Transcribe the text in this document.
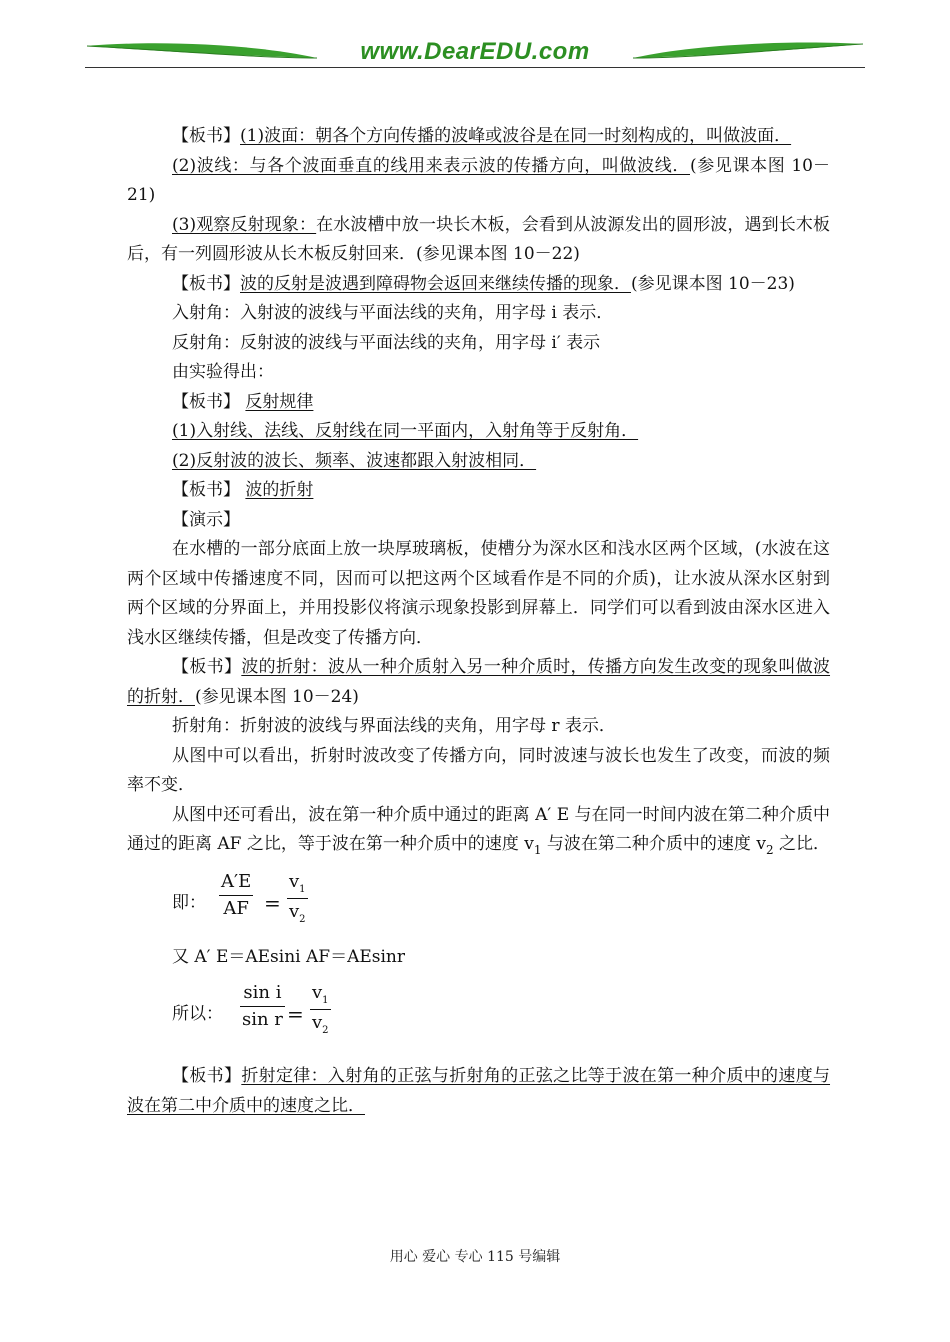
www.DearEDU.com

【板书】(1)波面：朝各个方向传播的波峰或波谷是在同一时刻构成的，叫做波面．

(2)波线：与各个波面垂直的线用来表示波的传播方向，叫做波线．(参见课本图 10－21)

(3)观察反射现象：在水波槽中放一块长木板，会看到从波源发出的圆形波，遇到长木板后，有一列圆形波从长木板反射回来．(参见课本图 10－22)

【板书】波的反射是波遇到障碍物会返回来继续传播的现象．(参见课本图 10－23)

入射角：入射波的波线与平面法线的夹角，用字母 i 表示．

反射角：反射波的波线与平面法线的夹角，用字母 i′ 表示

由实验得出：

【板书】 反射规律

(1)入射线、法线、反射线在同一平面内，入射角等于反射角．

(2)反射波的波长、频率、波速都跟入射波相同．

【板书】 波的折射

【演示】

在水槽的一部分底面上放一块厚玻璃板，使槽分为深水区和浅水区两个区域，(水波在这两个区域中传播速度不同，因而可以把这两个区域看作是不同的介质)，让水波从深水区射到两个区域的分界面上，并用投影仪将演示现象投影到屏幕上．同学们可以看到波由深水区进入浅水区继续传播，但是改变了传播方向．

【板书】波的折射：波从一种介质射入另一种介质时，传播方向发生改变的现象叫做波的折射．(参见课本图 10－24)

折射角：折射波的波线与界面法线的夹角，用字母 r 表示．

从图中可以看出，折射时波改变了传播方向，同时波速与波长也发生了改变，而波的频率不变．

从图中还可看出，波在第一种介质中通过的距离 A′ E 与在同一时间内波在第二种介质中通过的距离 AF 之比，等于波在第一种介质中的速度 $v_1$ 与波在第二种介质中的速度 $v_2$ 之比．

即：
A′E
AF =
$v_1$
$v_2$

又 A′ E＝AEsini AF＝AEsinr

所以：
sin i
sin r =
$v_1$
$v_2$

【板书】折射定律：入射角的正弦与折射角的正弦之比等于波在第一种介质中的速度与波在第二中介质中的速度之比．

用心 爱心 专心 115 号编辑
